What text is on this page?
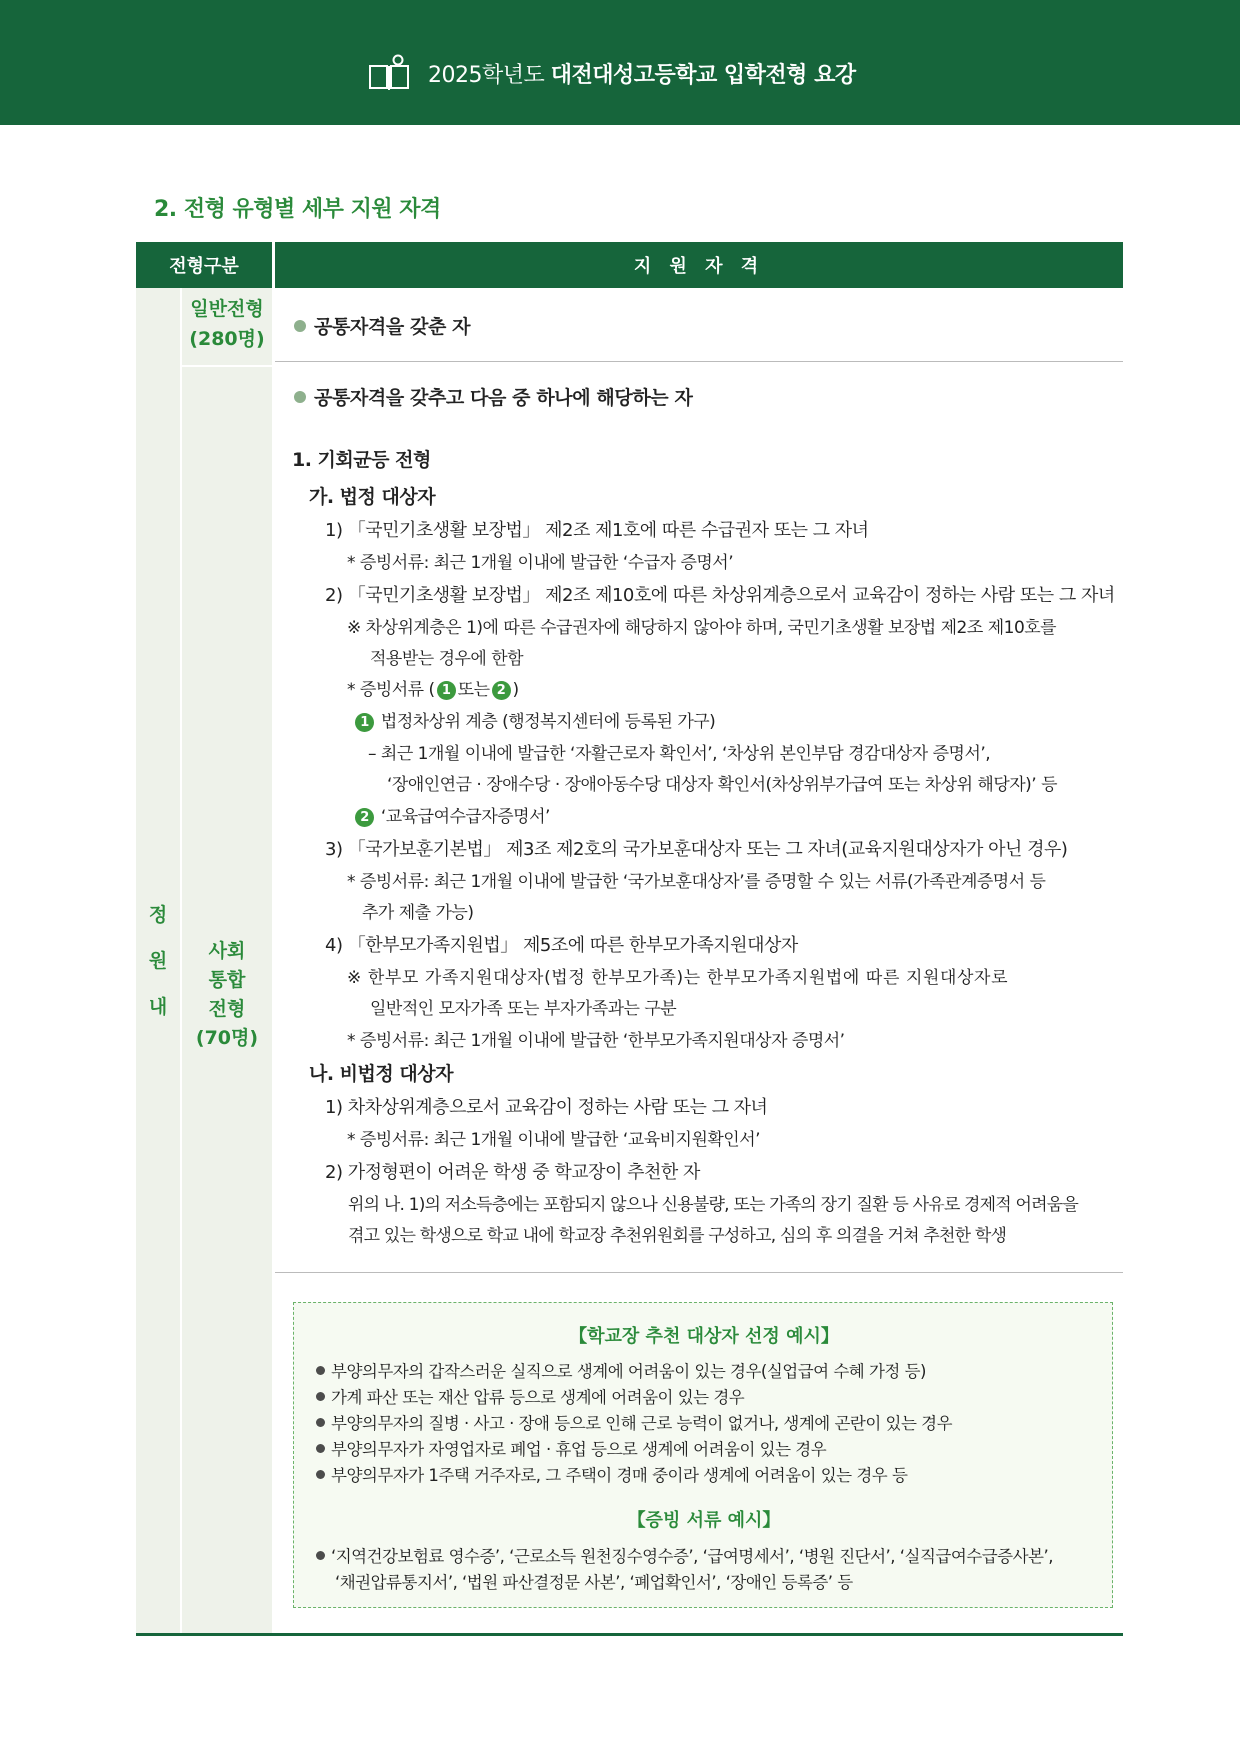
2025학년도 대전대성고등학교 입학전형 요강
2. 전형 유형별 세부 지원 자격
전형구분	지 원 자 격
정
원
내
일반전형
(280명)
사회
통합
전형
(70명)
공통자격을 갖춘 자
공통자격을 갖추고 다음 중 하나에 해당하는 자
1. 기회균등 전형
가. 법정 대상자
1) 「국민기초생활 보장법」 제2조 제1호에 따른 수급권자 또는 그 자녀
* 증빙서류: 최근 1개월 이내에 발급한 ‘수급자 증명서’
2) 「국민기초생활 보장법」 제2조 제10호에 따른 차상위계층으로서 교육감이 정하는 사람 또는 그 자녀
※ 차상위계층은 1)에 따른 수급권자에 해당하지 않아야 하며, 국민기초생활 보장법 제2조 제10호를
적용받는 경우에 한함
* 증빙서류 ( 1 또는 2 )
1 법정차상위 계층 (행정복지센터에 등록된 가구)
– 최근 1개월 이내에 발급한 ‘자활근로자 확인서’, ‘차상위 본인부담 경감대상자 증명서’,
‘장애인연금 · 장애수당 · 장애아동수당 대상자 확인서(차상위부가급여 또는 차상위 해당자)’ 등
2 ‘교육급여수급자증명서’
3) 「국가보훈기본법」 제3조 제2호의 국가보훈대상자 또는 그 자녀(교육지원대상자가 아닌 경우)
* 증빙서류: 최근 1개월 이내에 발급한 ‘국가보훈대상자’를 증명할 수 있는 서류(가족관계증명서 등
추가 제출 가능)
4) 「한부모가족지원법」 제5조에 따른 한부모가족지원대상자
※ 한부모 가족지원대상자(법정 한부모가족)는 한부모가족지원법에 따른 지원대상자로
일반적인 모자가족 또는 부자가족과는 구분
* 증빙서류: 최근 1개월 이내에 발급한 ‘한부모가족지원대상자 증명서’
나. 비법정 대상자
1) 차차상위계층으로서 교육감이 정하는 사람 또는 그 자녀
* 증빙서류: 최근 1개월 이내에 발급한 ‘교육비지원확인서’
2) 가정형편이 어려운 학생 중 학교장이 추천한 자
위의 나. 1)의 저소득층에는 포함되지 않으나 신용불량, 또는 가족의 장기 질환 등 사유로 경제적 어려움을
겪고 있는 학생으로 학교 내에 학교장 추천위원회를 구성하고, 심의 후 의결을 거쳐 추천한 학생
【학교장 추천 대상자 선정 예시】
부양의무자의 갑작스러운 실직으로 생계에 어려움이 있는 경우(실업급여 수혜 가정 등)
가계 파산 또는 재산 압류 등으로 생계에 어려움이 있는 경우
부양의무자의 질병 · 사고 · 장애 등으로 인해 근로 능력이 없거나, 생계에 곤란이 있는 경우
부양의무자가 자영업자로 폐업 · 휴업 등으로 생계에 어려움이 있는 경우
부양의무자가 1주택 거주자로, 그 주택이 경매 중이라 생계에 어려움이 있는 경우 등
【증빙 서류 예시】
‘지역건강보험료 영수증’, ‘근로소득 원천징수영수증’, ‘급여명세서’, ‘병원 진단서’, ‘실직급여수급증사본’,
‘채권압류통지서’, ‘법원 파산결정문 사본’, ‘폐업확인서’, ‘장애인 등록증’ 등
